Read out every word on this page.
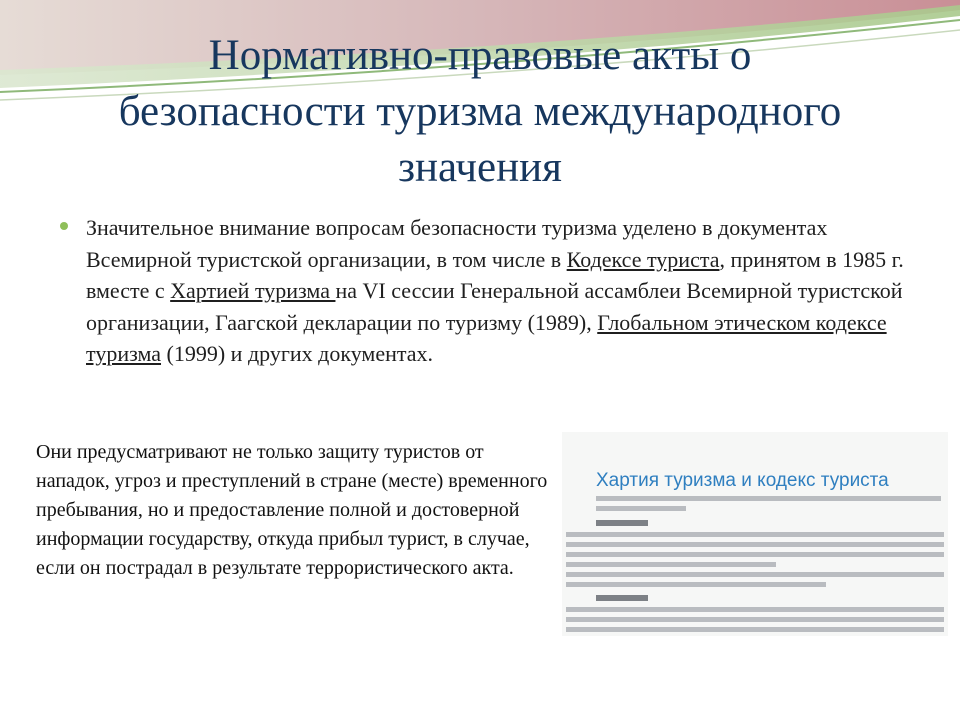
Нормативно-правовые акты о
безопасности туризма международного
значения
Значительное внимание вопросам безопасности туризма уделено в документах Всемирной туристской организации, в том числе в Кодексе туриста, принятом в 1985 г. вместе с Хартией туризма на VI сессии Генеральной ассамблеи Всемирной туристской организации, Гаагской декларации по туризму (1989), Глобальном этическом кодексе туризма (1999) и других документах.
Они предусматривают не только защиту туристов от нападок, угроз и преступлений в стране (месте) временного пребывания, но и предоставление полной и достоверной информации государству, откуда прибыл турист, в случае, если он пострадал в результате террористического акта.
Хартия туризма и кодекс туриста
